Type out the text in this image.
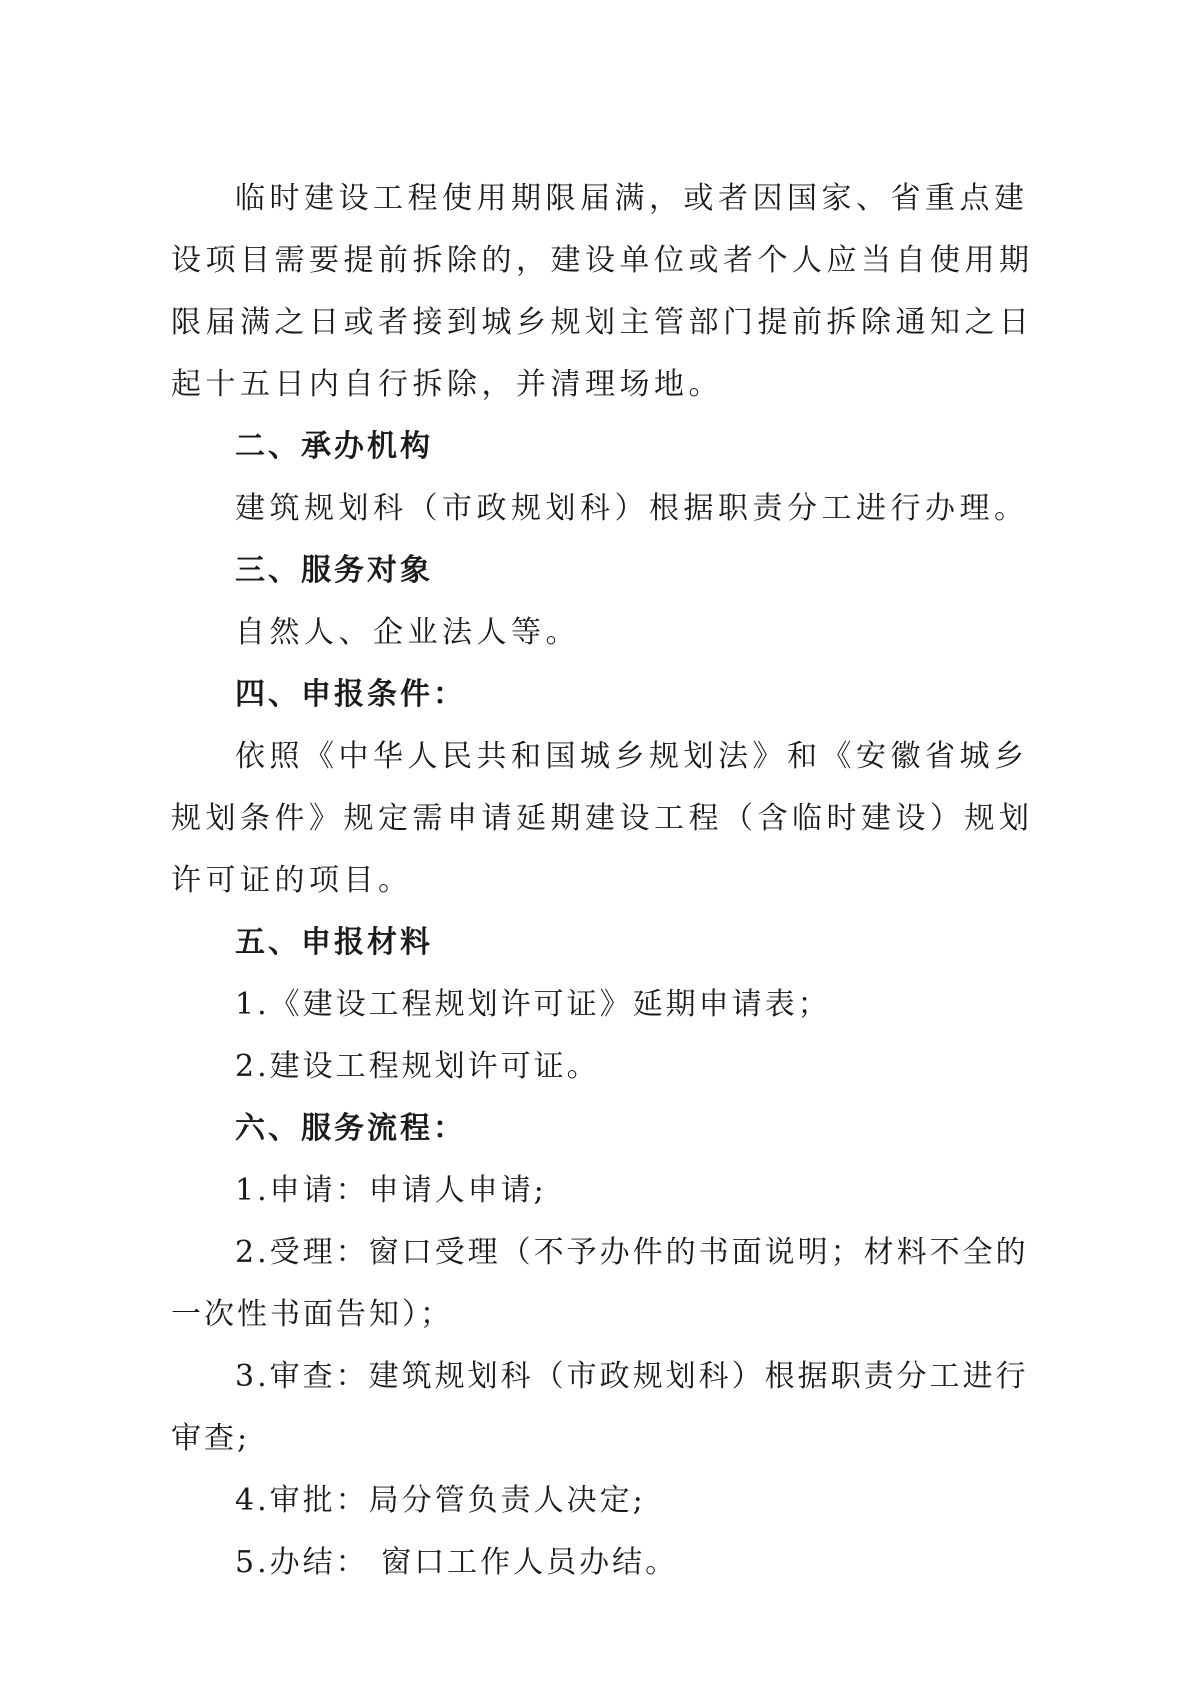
临时建设工程使用期限届满，或者因国家、省重点建设项目需要提前拆除的，建设单位或者个人应当自使用期限届满之日或者接到城乡规划主管部门提前拆除通知之日起十五日内自行拆除，并清理场地。

二、承办机构

建筑规划科（市政规划科）根据职责分工进行办理。

三、服务对象

自然人、企业法人等。

四、申报条件：

依照《中华人民共和国城乡规划法》和《安徽省城乡规划条件》规定需申请延期建设工程（含临时建设）规划许可证的项目。

五、申报材料

1.《建设工程规划许可证》延期申请表；

2.建设工程规划许可证。

六、服务流程：

1.申请：申请人申请;

2.受理：窗口受理（不予办件的书面说明；材料不全的一次性书面告知）；

3.审查：建筑规划科（市政规划科）根据职责分工进行审查;

4.审批：局分管负责人决定;

5.办结： 窗口工作人员办结。
